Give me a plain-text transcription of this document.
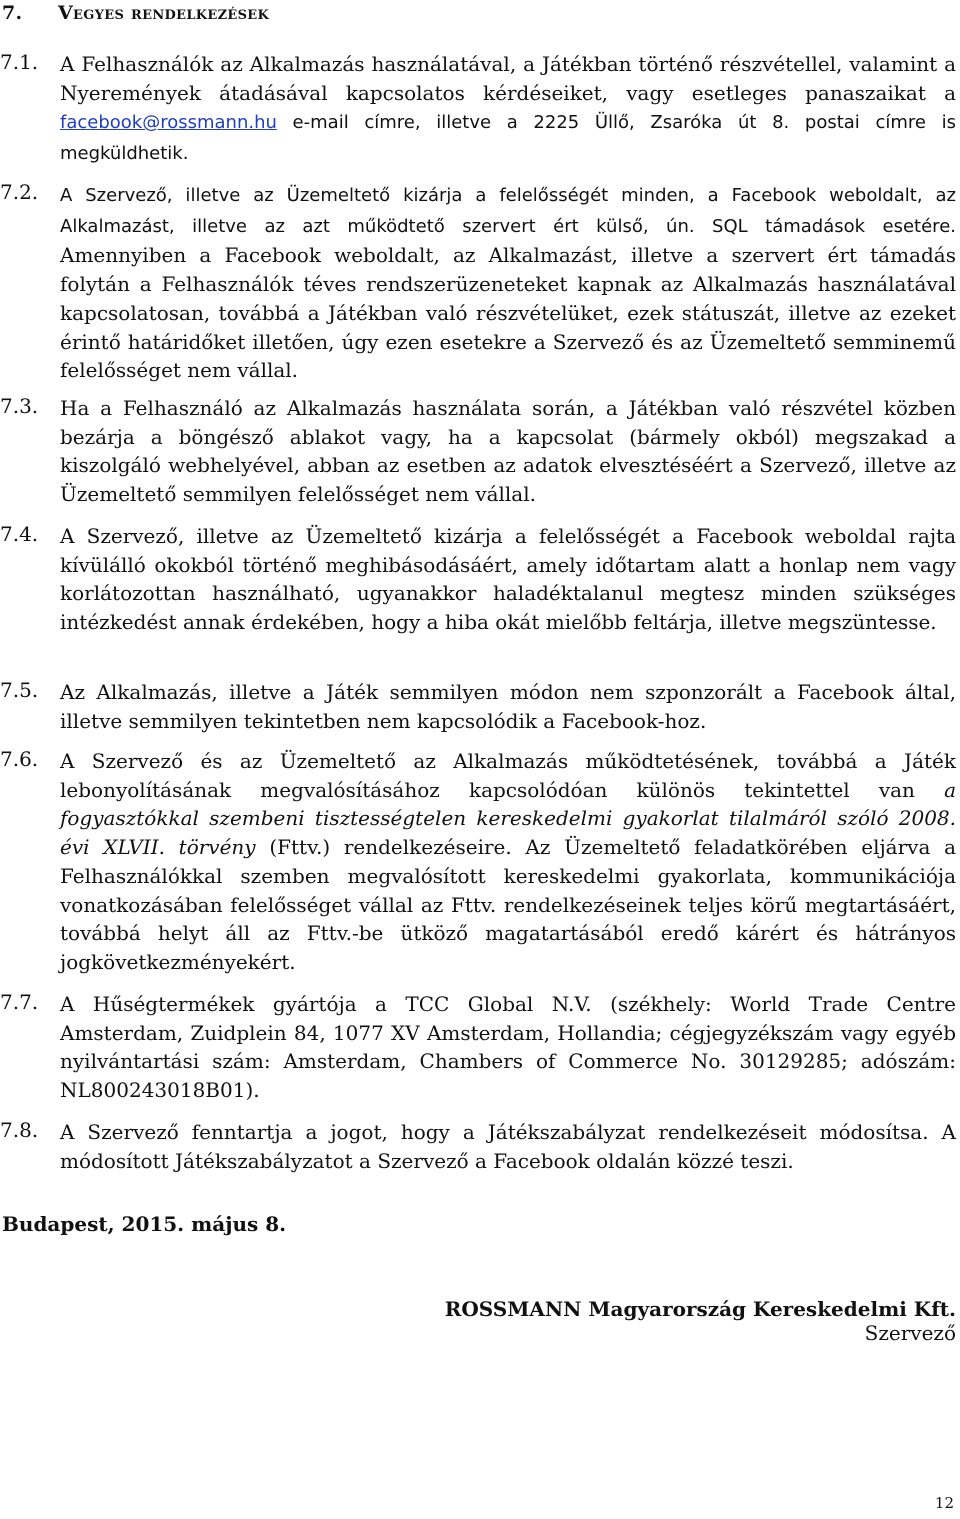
7. Vegyes rendelkezések
7.1.	A Felhasználók az Alkalmazás használatával, a Játékban történő részvétellel, valamint a Nyeremények átadásával kapcsolatos kérdéseiket, vagy esetleges panaszaikat a facebook@rossmann.hu e-mail címre, illetve a 2225 Üllő, Zsaróka út 8. postai címre is megküldhetik.
7.2.	A Szervező, illetve az Üzemeltető kizárja a felelősségét minden, a Facebook weboldalt, az Alkalmazást, illetve az azt működtető szervert ért külső, ún. SQL támadások esetére. Amennyiben a Facebook weboldalt, az Alkalmazást, illetve a szervert ért támadás folytán a Felhasználók téves rendszerüzeneteket kapnak az Alkalmazás használatával kapcsolatosan, továbbá a Játékban való részvételüket, ezek státuszát, illetve az ezeket érintő határidőket illetően, úgy ezen esetekre a Szervező és az Üzemeltető semminemű felelősséget nem vállal.
7.3.	Ha a Felhasználó az Alkalmazás használata során, a Játékban való részvétel közben bezárja a böngésző ablakot vagy, ha a kapcsolat (bármely okból) megszakad a kiszolgáló webhelyével, abban az esetben az adatok elvesztéséért a Szervező, illetve az Üzemeltető semmilyen felelősséget nem vállal.
7.4.	A Szervező, illetve az Üzemeltető kizárja a felelősségét a Facebook weboldal rajta kívülálló okokból történő meghibásodásáért, amely időtartam alatt a honlap nem vagy korlátozottan használható, ugyanakkor haladéktalanul megtesz minden szükséges intézkedést annak érdekében, hogy a hiba okát mielőbb feltárja, illetve megszüntesse.
7.5.	Az Alkalmazás, illetve a Játék semmilyen módon nem szponzorált a Facebook által, illetve semmilyen tekintetben nem kapcsolódik a Facebook-hoz.
7.6.	A Szervező és az Üzemeltető az Alkalmazás működtetésének, továbbá a Játék lebonyolításának megvalósításához kapcsolódóan különös tekintettel van a fogyasztókkal szembeni tisztességtelen kereskedelmi gyakorlat tilalmáról szóló 2008. évi XLVII. törvény (Fttv.) rendelkezéseire. Az Üzemeltető feladatkörében eljárva a Felhasználókkal szemben megvalósított kereskedelmi gyakorlata, kommunikációja vonatkozásában felelősséget vállal az Fttv. rendelkezéseinek teljes körű megtartásáért, továbbá helyt áll az Fttv.-be ütköző magatartásából eredő kárért és hátrányos jogkövetkezményekért.
7.7.	A Hűségtermékek gyártója a TCC Global N.V. (székhely: World Trade Centre Amsterdam, Zuidplein 84, 1077 XV Amsterdam, Hollandia; cégjegyzékszám vagy egyéb nyilvántartási szám: Amsterdam, Chambers of Commerce No. 30129285; adószám: NL800243018B01).
7.8.	A Szervező fenntartja a jogot, hogy a Játékszabályzat rendelkezéseit módosítsa. A módosított Játékszabályzatot a Szervező a Facebook oldalán közzé teszi.
Budapest, 2015. május 8.
ROSSMANN Magyarország Kereskedelmi Kft.
Szervező
12
